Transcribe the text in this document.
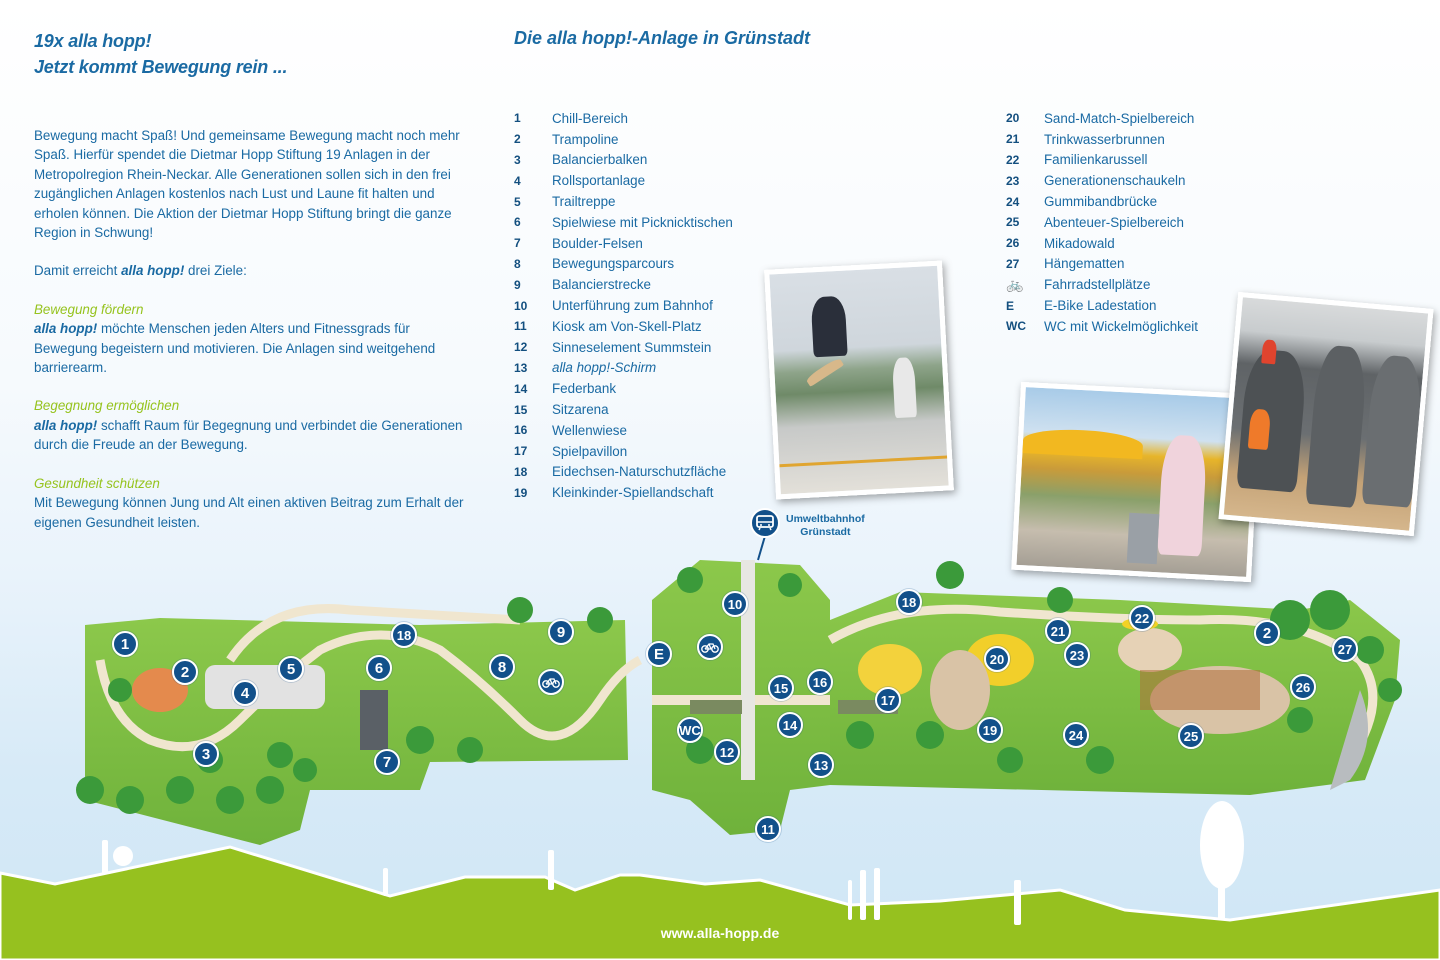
19x alla hopp!
Jetzt kommt Bewegung rein ...

Bewegung macht Spaß! Und gemeinsame Bewegung macht noch mehr Spaß. Hierfür spendet die Dietmar Hopp Stiftung 19 Anlagen in der Metropolregion Rhein-Neckar. Alle Generationen sollen sich in den frei zugänglichen Anlagen kostenlos nach Lust und Laune fit halten und erholen können. Die Aktion der Dietmar Hopp Stiftung bringt die ganze Region in Schwung!

Damit erreicht alla hopp! drei Ziele:

Bewegung fördern
alla hopp! möchte Menschen jeden Alters und Fitnessgrads für Bewegung begeistern und motivieren. Die Anlagen sind weitgehend barrierearm.

Begegnung ermöglichen
alla hopp! schafft Raum für Begegnung und verbindet die Generationen durch die Freude an der Bewegung.

Gesundheit schützen
Mit Bewegung können Jung und Alt einen aktiven Beitrag zum Erhalt der eigenen Gesundheit leisten.

Die alla hopp!-Anlage in Grünstadt
1	Chill-Bereich
2	Trampoline
3	Balancierbalken
4	Rollsportanlage
5	Trailtreppe
6	Spielwiese mit Picknicktischen
7	Boulder-Felsen
8	Bewegungsparcours
9	Balancierstrecke
10	Unterführung zum Bahnhof
11	Kiosk am Von-Skell-Platz
12	Sinneselement Summstein
13	alla hopp!-Schirm
14	Federbank
15	Sitzarena
16	Wellenwiese
17	Spielpavillon
18	Eidechsen-Naturschutzfläche
19	Kleinkinder-Spiellandschaft
20	Sand-Match-Spielbereich
21	Trinkwasserbrunnen
22	Familienkarussell
23	Generationenschaukeln
24	Gummibandbrücke
25	Abenteuer-Spielbereich
26	Mikadowald
27	Hängematten
🚲	Fahrradstellplätze
E	E-Bike Ladestation
WC	WC mit Wickelmöglichkeit
1
2
3
4
5	6
18
7
8
9
10
E
15	16
WC
12
14
13
11
17
18
20
19
21
23
22
24	25
2
26
27
Umweltbahnhof
Grünstadt
www.alla-hopp.de
